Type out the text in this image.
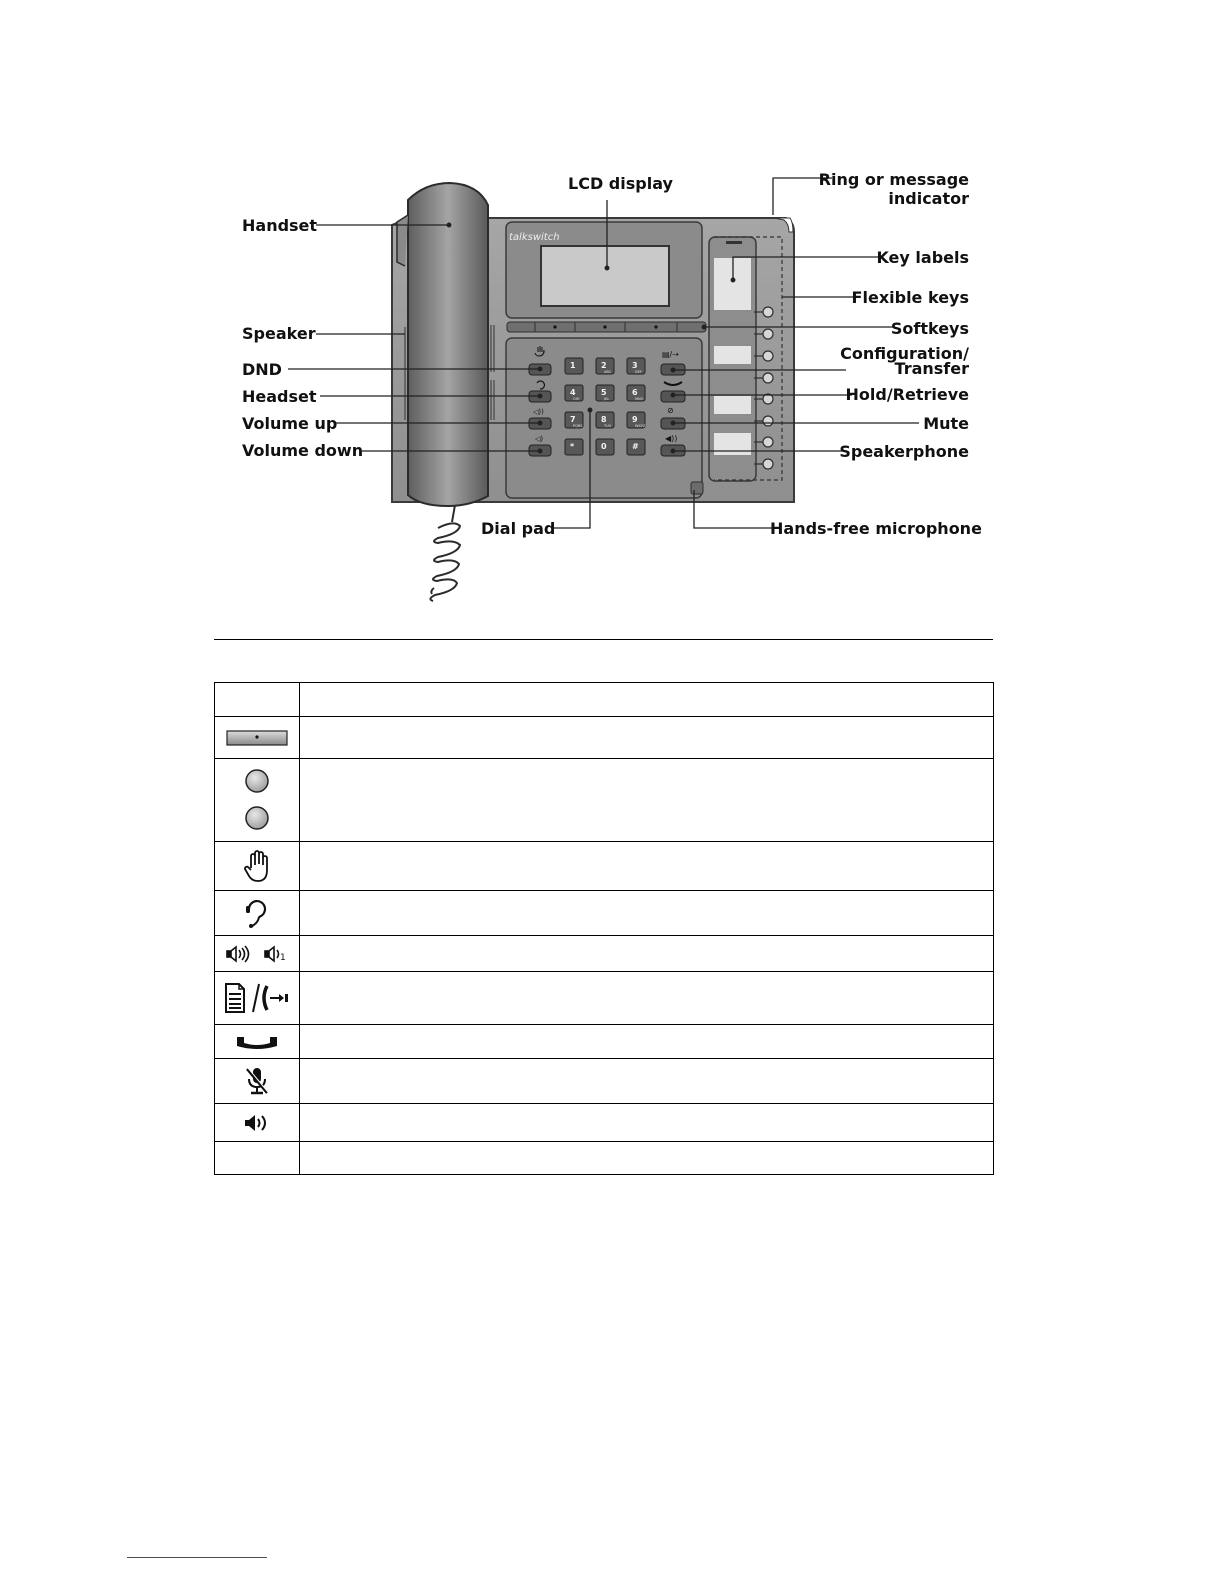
talkswitch
◁))
◁)
1	2
ABC
3
DEF
4
GHI
5
JKL
6
MNO
7
PQRS
8
TUV
9
WXYZ
*	0	#
▤/⇢
⊘
◀))
LCD display	Ring or message
indicator
Handset
Key labels
Flexible keys
Speaker	Softkeys
DND
Configuration/
Transfer
Headset	Hold/Retrieve
Volume up	Mute
Volume down	Speakerphone
Dial pad	Hands-free microphone

1	
